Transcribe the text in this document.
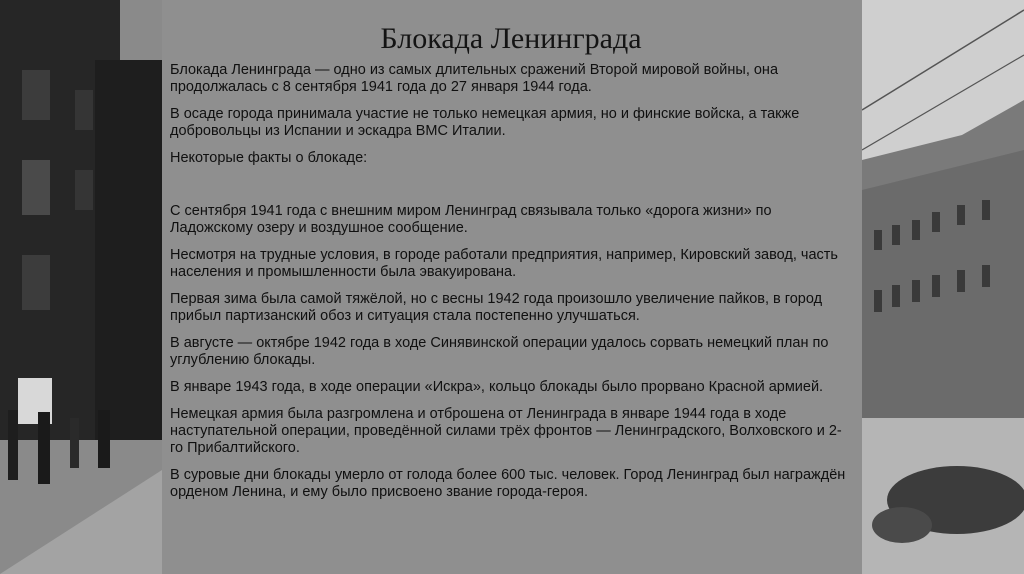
Блокада Ленинграда

Блокада Ленинграда — одно из самых длительных сражений Второй мировой войны, она продолжалась с 8 сентября 1941 года до 27 января 1944 года.

В осаде города принимала участие не только немецкая армия, но и финские войска, а также добровольцы из Испании и эскадра ВМС Италии.

Некоторые факты о блокаде:

С сентября 1941 года с внешним миром Ленинград связывала только «дорога жизни» по Ладожскому озеру и воздушное сообщение.

Несмотря на трудные условия, в городе работали предприятия, например, Кировский завод, часть населения и промышленности была эвакуирована.

Первая зима была самой тяжёлой, но с весны 1942 года произошло увеличение пайков, в город прибыл партизанский обоз и ситуация стала постепенно улучшаться.

В августе — октябре 1942 года в ходе Синявинской операции удалось сорвать немецкий план по углублению блокады.

В январе 1943 года, в ходе операции «Искра», кольцо блокады было прорвано Красной армией.

Немецкая армия была разгромлена и отброшена от Ленинграда в январе 1944 года в ходе наступательной операции, проведённой силами трёх фронтов — Ленинградского, Волховского и 2-го Прибалтийского.

В суровые дни блокады умерло от голода более 600 тыс. человек. Город Ленинград был награждён орденом Ленина, и ему было присвоено звание города-героя.
